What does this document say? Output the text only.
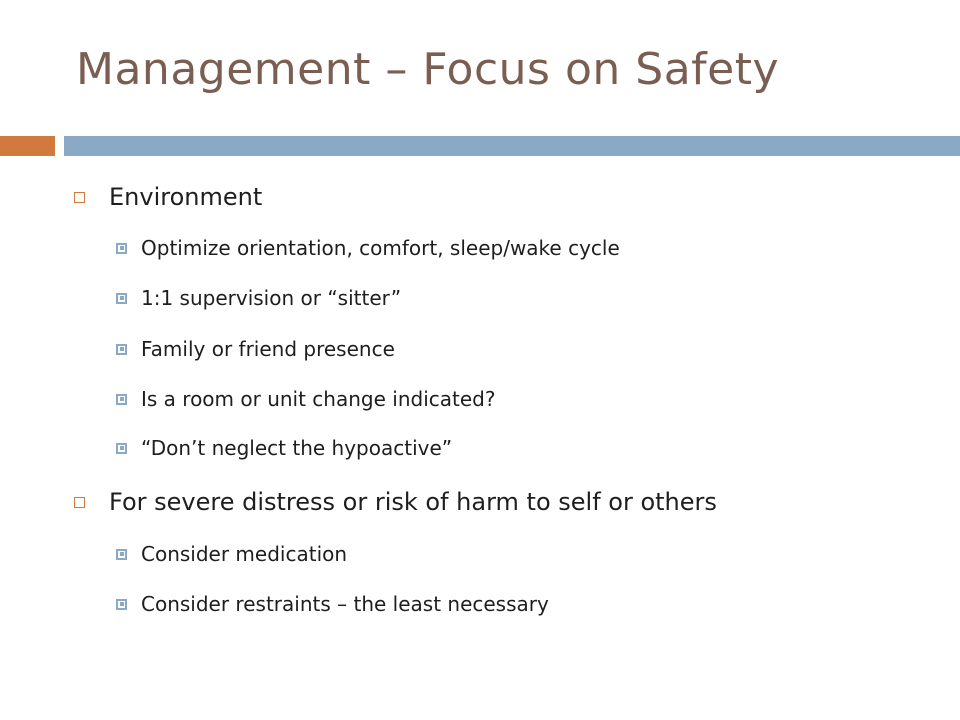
Management – Focus on Safety
Environment
Optimize orientation, comfort, sleep/wake cycle
1:1 supervision or “sitter”
Family or friend presence
Is a room or unit change indicated?
“Don’t neglect the hypoactive”
For severe distress or risk of harm to self or others
Consider medication
Consider restraints – the least necessary
